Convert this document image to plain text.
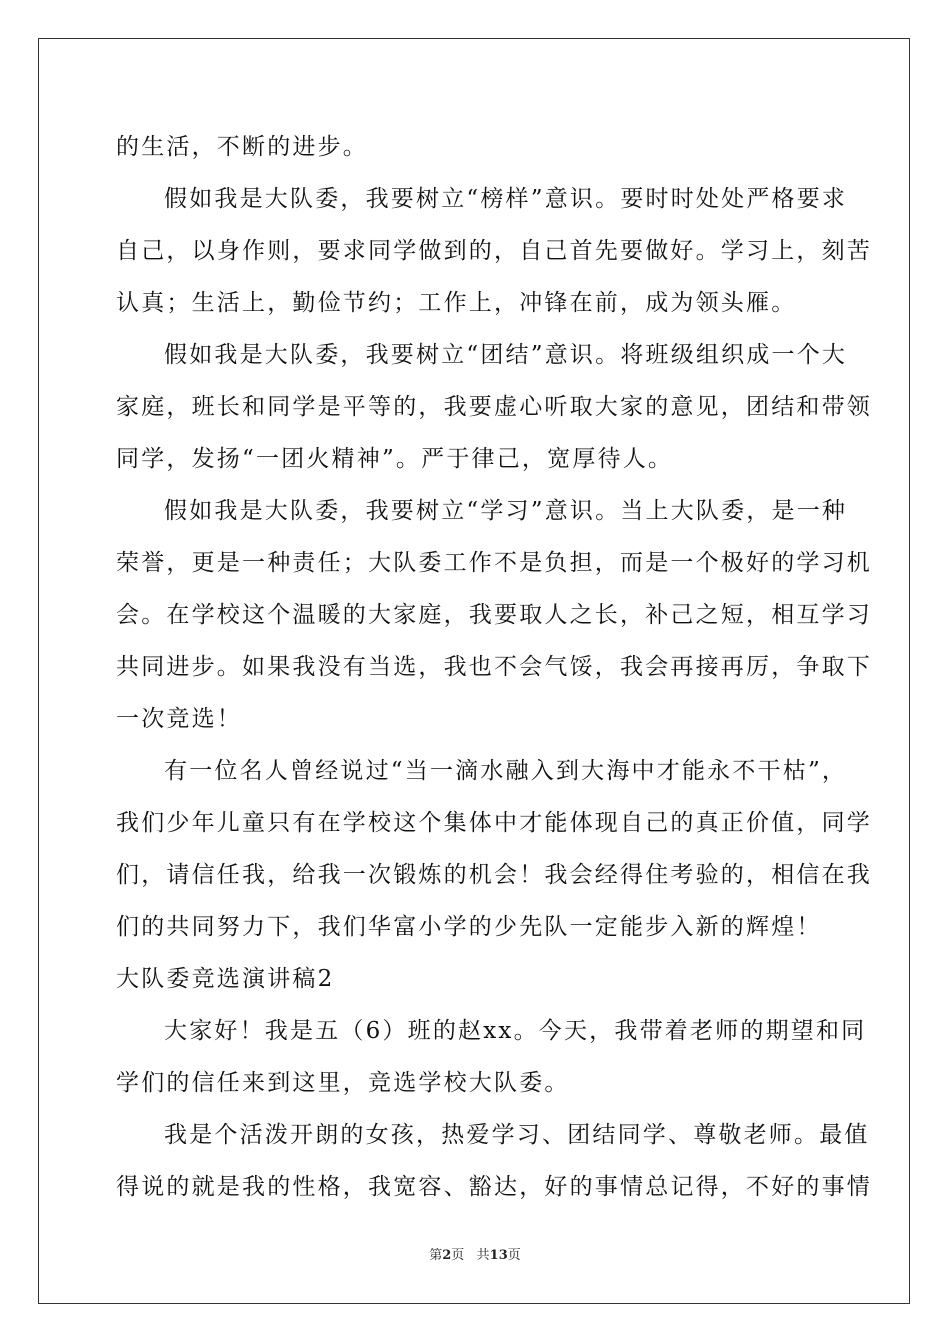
的生活，不断的进步。
假如我是大队委，我要树立“榜样”意识。要时时处处严格要求
自己，以身作则，要求同学做到的，自己首先要做好。学习上，刻苦
认真；生活上，勤俭节约；工作上，冲锋在前，成为领头雁。
假如我是大队委，我要树立“团结”意识。将班级组织成一个大
家庭，班长和同学是平等的，我要虚心听取大家的意见，团结和带领
同学，发扬“一团火精神”。严于律己，宽厚待人。
假如我是大队委，我要树立“学习”意识。当上大队委，是一种
荣誉，更是一种责任；大队委工作不是负担，而是一个极好的学习机
会。在学校这个温暖的大家庭，我要取人之长，补己之短，相互学习
共同进步。如果我没有当选，我也不会气馁，我会再接再厉，争取下
一次竞选！
有一位名人曾经说过“当一滴水融入到大海中才能永不干枯”，
我们少年儿童只有在学校这个集体中才能体现自己的真正价值，同学
们，请信任我，给我一次锻炼的机会！我会经得住考验的，相信在我
们的共同努力下，我们华富小学的少先队一定能步入新的辉煌！
大队委竞选演讲稿2
大家好！我是五（6）班的赵xx。今天，我带着老师的期望和同
学们的信任来到这里，竞选学校大队委。
我是个活泼开朗的女孩，热爱学习、团结同学、尊敬老师。最值
得说的就是我的性格，我宽容、豁达，好的事情总记得，不好的事情
第2页   共13页
